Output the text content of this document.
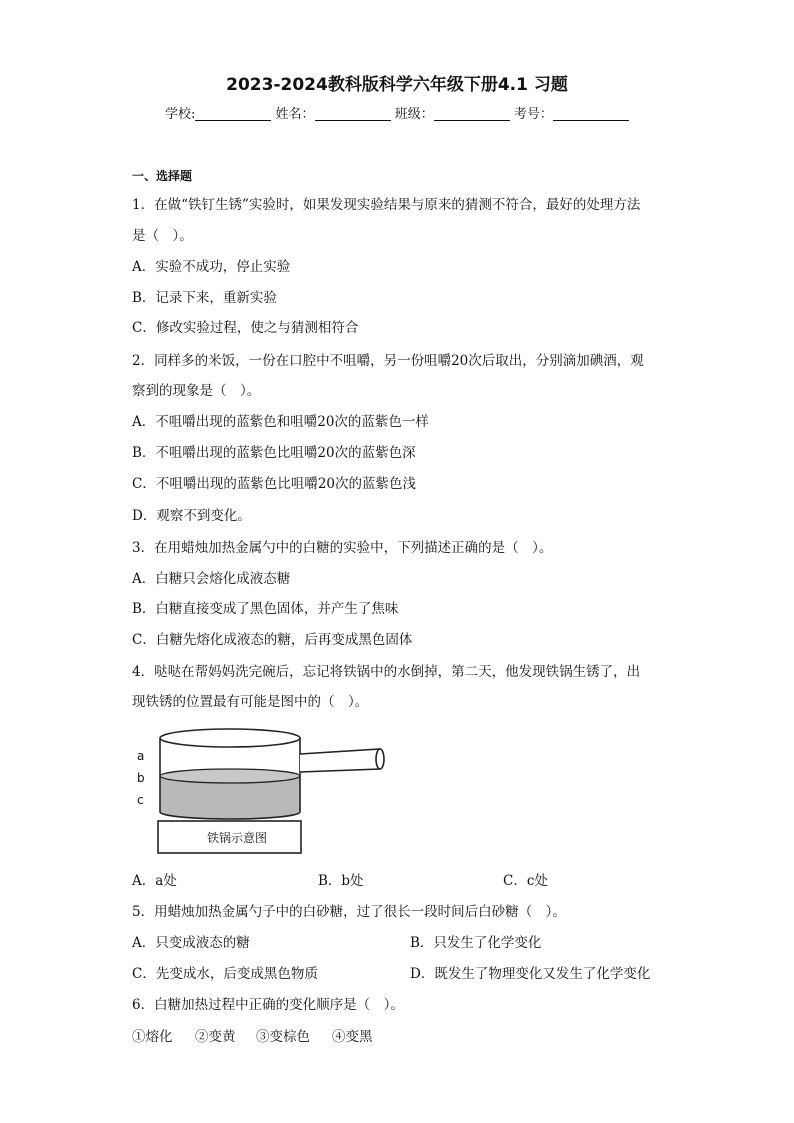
2023-2024教科版科学六年级下册4.1 习题
学校:	姓名：	班级：	考号：
一、选择题
1．在做“铁钉生锈”实验时，如果发现实验结果与原来的猜测不符合，最好的处理方法
是（　）。
A．实验不成功，停止实验
B．记录下来，重新实验
C．修改实验过程，使之与猜测相符合
2．同样多的米饭，一份在口腔中不咀嚼，另一份咀嚼20次后取出，分别滴加碘酒，观
察到的现象是（　）。
A．不咀嚼出现的蓝紫色和咀嚼20次的蓝紫色一样
B．不咀嚼出现的蓝紫色比咀嚼20次的蓝紫色深
C．不咀嚼出现的蓝紫色比咀嚼20次的蓝紫色浅
D．观察不到变化。
3．在用蜡烛加热金属勺中的白糖的实验中，下列描述正确的是（　）。
A．白糖只会熔化成液态糖
B．白糖直接变成了黑色固体，并产生了焦味
C．白糖先熔化成液态的糖，后再变成黑色固体
4．哒哒在帮妈妈洗完碗后，忘记将铁锅中的水倒掉，第二天，他发现铁锅生锈了，出
现铁锈的位置最有可能是图中的（　）。
a
b
c
铁锅示意图
A．a处	B．b处	C．c处
5．用蜡烛加热金属勺子中的白砂糖，过了很长一段时间后白砂糖（　）。
A．只变成液态的糖	B．只发生了化学变化
C．先变成水，后变成黑色物质	D．既发生了物理变化又发生了化学变化
6．白糖加热过程中正确的变化顺序是（　）。
①熔化 ②变黄 ③变棕色 ④变黑
